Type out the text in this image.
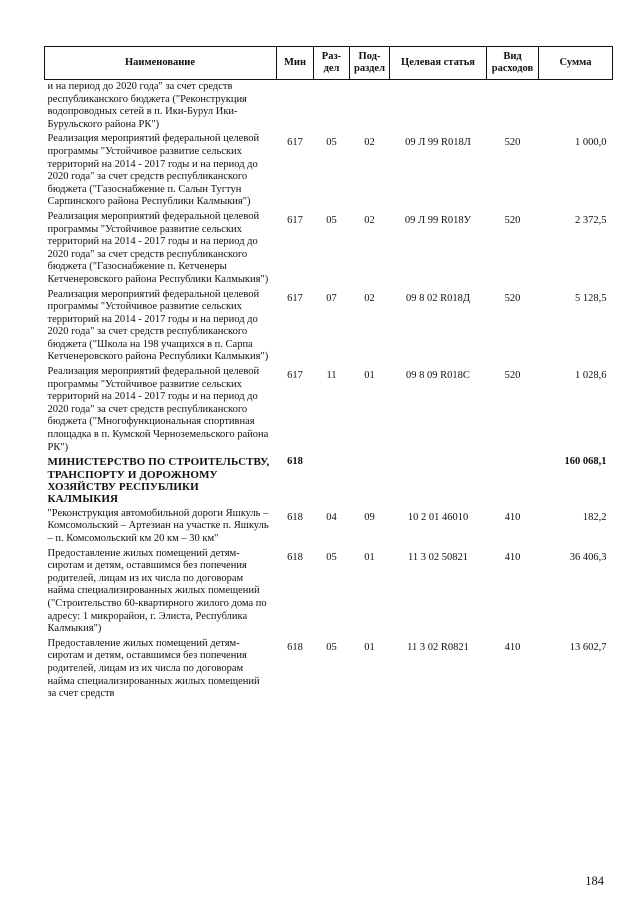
Наименование	Мин	Раз-дел	Под-раздел	Целевая статья	Вид расходов	Сумма
и на период до 2020 года" за счет средств республиканского бюджета ("Реконструкция водопроводных сетей в п. Ики-Бурул Ики-Бурульского района РК")						
Реализация мероприятий федеральной целевой программы "Устойчивое развитие сельских территорий на 2014 - 2017 годы и на период до 2020 года" за счет средств республиканского бюджета ("Газоснабжение п. Салын Тугтун Сарпинского района Республики Калмыкия")	617	05	02	09 Л 99 R018Л	520	1 000,0
Реализация мероприятий федеральной целевой программы "Устойчивое развитие сельских территорий на 2014 - 2017 годы и на период до 2020 года" за счет средств республиканского бюджета ("Газоснабжение п. Кетченеры Кетченеровского района Республики Калмыкия")	617	05	02	09 Л 99 R018У	520	2 372,5
Реализация мероприятий федеральной целевой программы "Устойчивое развитие сельских территорий на 2014 - 2017 годы и на период до 2020 года" за счет средств республиканского бюджета ("Школа на 198 учащихся в п. Сарпа Кетченеровского района Республики Калмыкия")	617	07	02	09 8 02 R018Д	520	5 128,5
Реализация мероприятий федеральной целевой программы "Устойчивое развитие сельских территорий на 2014 - 2017 годы и на период до 2020 года" за счет средств республиканского бюджета ("Многофункциональная спортивная площадка в п. Кумской Черноземельского района РК")	617	11	01	09 8 09 R018С	520	1 028,6
МИНИСТЕРСТВО ПО СТРОИТЕЛЬСТВУ, ТРАНСПОРТУ И ДОРОЖНОМУ ХОЗЯЙСТВУ РЕСПУБЛИКИ КАЛМЫКИЯ	618					160 068,1
"Реконструкция автомобильной дороги Яшкуль – Комсомольский – Артезиан на участке п. Яшкуль – п. Комсомольский км 20 км – 30 км"	618	04	09	10 2 01 46010	410	182,2
Предоставление жилых помещений детям-сиротам и детям, оставшимся без попечения родителей, лицам из их числа по договорам найма специализированных жилых помещений ("Строительство 60-квартирного жилого дома по адресу: 1 микрорайон, г. Элиста, Республика Калмыкия")	618	05	01	11 3 02 50821	410	36 406,3
Предоставление жилых помещений детям-сиротам и детям, оставшимся без попечения родителей, лицам из их числа по договорам найма специализированных жилых помещений за счет средств	618	05	01	11 3 02 R0821	410	13 602,7
184
